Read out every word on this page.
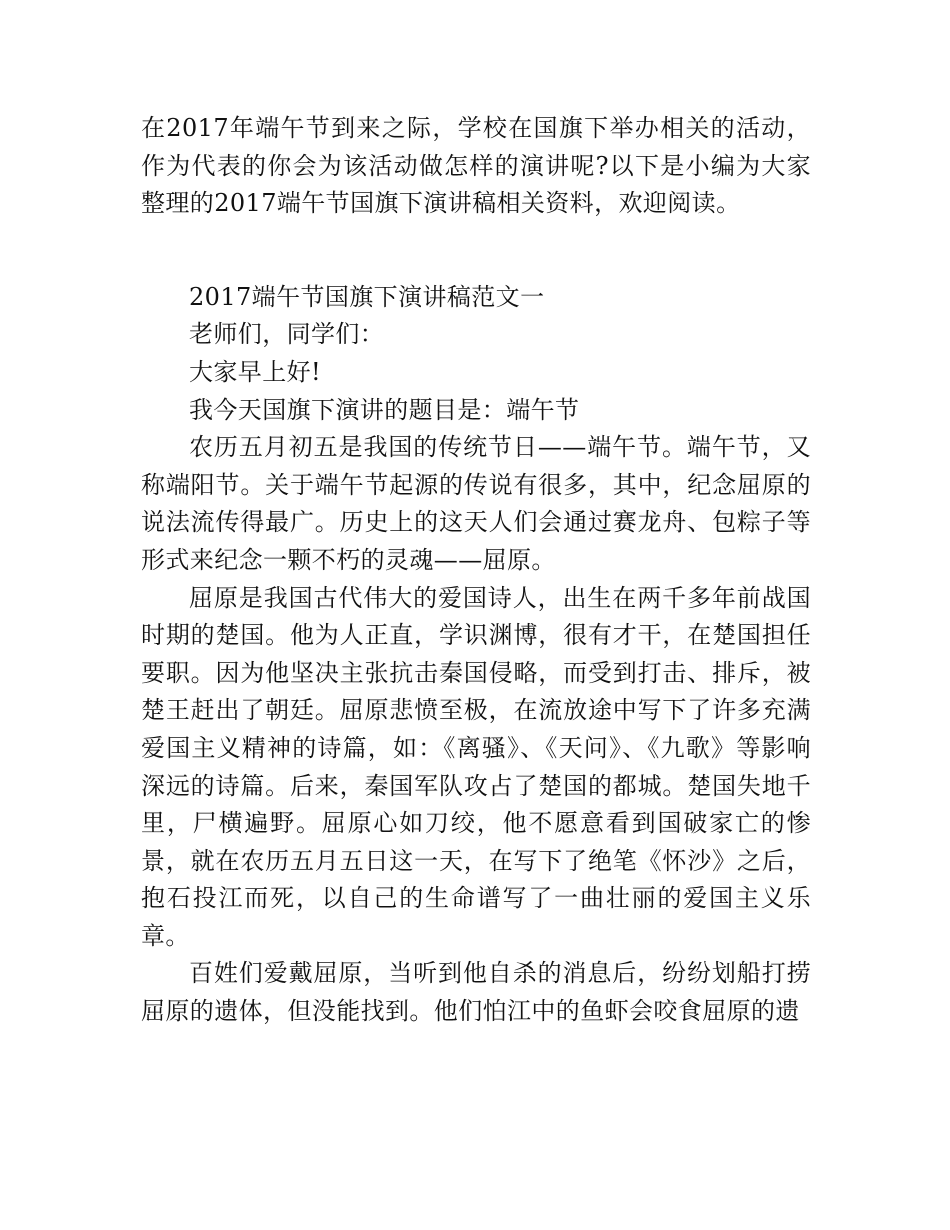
在2017年端午节到来之际，学校在国旗下举办相关的活动，作为代表的你会为该活动做怎样的演讲呢?以下是小编为大家整理的2017端午节国旗下演讲稿相关资料，欢迎阅读。

2017端午节国旗下演讲稿范文一

老师们，同学们：

大家早上好!

我今天国旗下演讲的题目是：端午节

农历五月初五是我国的传统节日——端午节。端午节，又称端阳节。关于端午节起源的传说有很多，其中，纪念屈原的说法流传得最广。历史上的这天人们会通过赛龙舟、包粽子等形式来纪念一颗不朽的灵魂——屈原。

屈原是我国古代伟大的爱国诗人，出生在两千多年前战国时期的楚国。他为人正直，学识渊博，很有才干，在楚国担任要职。因为他坚决主张抗击秦国侵略，而受到打击、排斥，被楚王赶出了朝廷。屈原悲愤至极，在流放途中写下了许多充满爱国主义精神的诗篇，如：《离骚》、《天问》、《九歌》等影响深远的诗篇。后来，秦国军队攻占了楚国的都城。楚国失地千里，尸横遍野。屈原心如刀绞，他不愿意看到国破家亡的惨景，就在农历五月五日这一天，在写下了绝笔《怀沙》之后，抱石投江而死，以自己的生命谱写了一曲壮丽的爱国主义乐章。

百姓们爱戴屈原，当听到他自杀的消息后，纷纷划船打捞屈原的遗体，但没能找到。他们怕江中的鱼虾会咬食屈原的遗
